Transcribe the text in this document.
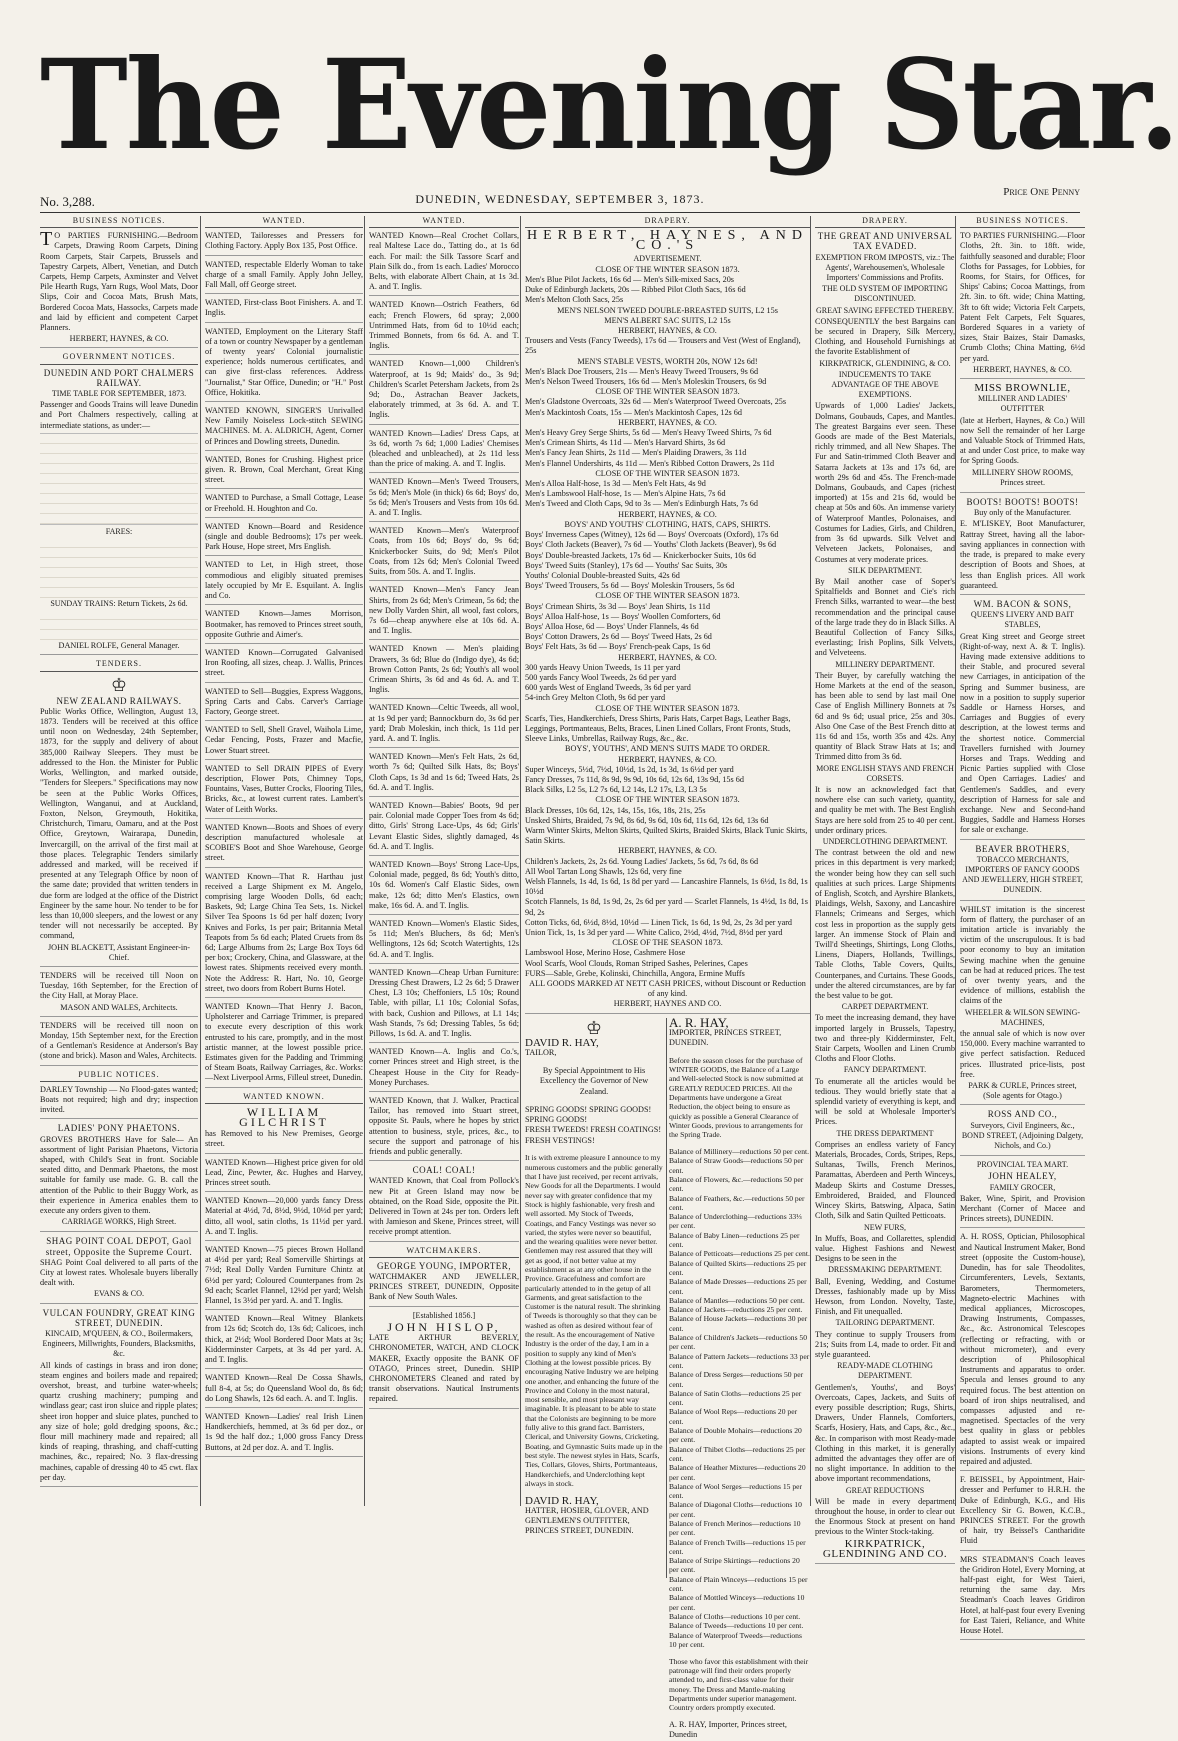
The Evening Star.
No. 3,288.	DUNEDIN, WEDNESDAY, SEPTEMBER 3, 1873.	Price One Penny
BUSINESS NOTICES.

TO PARTIES FURNISHING.—Bedroom Carpets, Drawing Room Carpets, Dining Room Carpets, Stair Carpets, Brussels and Tapestry Carpets, Albert, Venetian, and Dutch Carpets, Hemp Carpets, Axminster and Velvet Pile Hearth Rugs, Yarn Rugs, Wool Mats, Door Slips, Coir and Cocoa Mats, Brush Mats, Bordered Cocoa Mats, Hassocks, Carpets made and laid by efficient and competent Carpet Planners.

HERBERT, HAYNES, & CO.
GOVERNMENT NOTICES.
DUNEDIN AND PORT CHALMERS RAILWAY.
TIME TABLE FOR SEPTEMBER, 1873.

Passenger and Goods Trains will leave Dunedin and Port Chalmers respectively, calling at intermediate stations, as under:—

FARES:
SUNDAY TRAINS: Return Tickets, 2s 6d.
DANIEL ROLFE, General Manager.
TENDERS.
♔
NEW ZEALAND RAILWAYS.

Public Works Office, Wellington, August 13, 1873. Tenders will be received at this office until noon on Wednesday, 24th September, 1873, for the supply and delivery of about 385,000 Railway Sleepers. They must be addressed to the Hon. the Minister for Public Works, Wellington, and marked outside, "Tenders for Sleepers." Specifications may now be seen at the Public Works Offices, Wellington, Wanganui, and at Auckland, Foxton, Nelson, Greymouth, Hokitika, Christchurch, Timaru, Oamaru, and at the Post Office, Greytown, Wairarapa, Dunedin, Invercargill, on the arrival of the first mail at those places. Telegraphic Tenders similarly addressed and marked, will be received if presented at any Telegraph Office by noon of the same date; provided that written tenders in due form are lodged at the office of the District Engineer by the same hour. No tender to be for less than 10,000 sleepers, and the lowest or any tender will not necessarily be accepted. By command,

JOHN BLACKETT, Assistant Engineer-in-Chief.

TENDERS will be received till Noon on Tuesday, 16th September, for the Erection of the City Hall, at Moray Place.

MASON AND WALES, Architects.

TENDERS will be received till noon on Monday, 15th September next, for the Erection of a Gentleman's Residence at Anderson's Bay (stone and brick). Mason and Wales, Architects.

PUBLIC NOTICES.

DARLEY Township — No Flood-gates wanted; Boats not required; high and dry; inspection invited.

LADIES' PONY PHAETONS.

GROVES BROTHERS Have for Sale— An assortment of light Parisian Phaetons, Victoria shaped, with Child's Seat in front. Sociable seated ditto, and Denmark Phaetons, the most suitable for family use made. G. B. call the attention of the Public to their Buggy Work, as their experience in America enables them to execute any orders given to them.

CARRIAGE WORKS, High Street.
SHAG POINT COAL DEPOT, Gaol street, Opposite the Supreme Court.

SHAG Point Coal delivered to all parts of the City at lowest rates. Wholesale buyers liberally dealt with.

EVANS & CO.
VULCAN FOUNDRY, GREAT KING STREET, DUNEDIN.
KINCAID, M'QUEEN, & CO., Boilermakers, Engineers, Millwrights, Founders, Blacksmiths, &c.

All kinds of castings in brass and iron done; steam engines and boilers made and repaired; overshot, breast, and turbine water-wheels; quartz crushing machinery; pumping and windlass gear; cast iron sluice and ripple plates; sheet iron hopper and sluice plates, punched to any size of hole; gold dredging spoons, &c.; flour mill machinery made and repaired; all kinds of reaping, thrashing, and chaff-cutting machines, &c., repaired; No. 3 flax-dressing machines, capable of dressing 40 to 45 cwt. flax per day.

WANTED.

WANTED, Tailoresses and Pressers for Clothing Factory. Apply Box 135, Post Office.

WANTED, respectable Elderly Woman to take charge of a small Family. Apply John Jelley, Fall Mall, off George street.

WANTED, First-class Boot Finishers. A. and T. Inglis.

WANTED, Employment on the Literary Staff of a town or country Newspaper by a gentleman of twenty years' Colonial journalistic experience; holds numerous certificates, and can give first-class references. Address "Journalist," Star Office, Dunedin; or "H." Post Office, Hokitika.

WANTED KNOWN, SINGER'S Unrivalled New Family Noiseless Lock-stitch SEWING MACHINES. M. A. ALDRICH, Agent, Corner of Princes and Dowling streets, Dunedin.

WANTED, Bones for Crushing. Highest price given. R. Brown, Coal Merchant, Great King street.

WANTED to Purchase, a Small Cottage, Lease or Freehold. H. Houghton and Co.

WANTED Known—Board and Residence (single and double Bedrooms); 17s per week. Park House, Hope street, Mrs English.

WANTED to Let, in High street, those commodious and eligibly situated premises lately occupied by Mr E. Esquilant. A. Inglis and Co.

WANTED Known—James Morrison, Bootmaker, has removed to Princes street south, opposite Guthrie and Aimer's.

WANTED Known—Corrugated Galvanised Iron Roofing, all sizes, cheap. J. Wallis, Princes street.

WANTED to Sell—Buggies, Express Waggons, Spring Carts and Cabs. Carver's Carriage Factory, George street.

WANTED to Sell, Shell Gravel, Waihola Lime, Cedar Fencing, Posts, Frazer and Macfie, Lower Stuart street.

WANTED to Sell DRAIN PIPES of Every description, Flower Pots, Chimney Tops, Fountains, Vases, Butter Crocks, Flooring Tiles, Bricks, &c., at lowest current rates. Lambert's Water of Leith Works.

WANTED Known—Boots and Shoes of every description manufactured wholesale at SCOBIE'S Boot and Shoe Warehouse, George street.

WANTED Known—That R. Harthau just received a Large Shipment ex M. Angelo, comprising large Wooden Dolls, 6d each; Baskets, 9d; Large China Tea Sets, 1s. Nickel Silver Tea Spoons 1s 6d per half dozen; Ivory Knives and Forks, 1s per pair; Britannia Metal Teapots from 5s 6d each; Plated Cruets from 8s 6d; Large Albums from 2s; Large Box Toys 6d per box; Crockery, China, and Glassware, at the lowest rates. Shipments received every month. Note the Address: R. Hart, No. 10, George street, two doors from Robert Burns Hotel.

WANTED Known—That Henry J. Bacon, Upholsterer and Carriage Trimmer, is prepared to execute every description of this work entrusted to his care, promptly, and in the most artistic manner, at the lowest possible price. Estimates given for the Padding and Trimming of Steam Boats, Railway Carriages, &c. Works:—Next Liverpool Arms, Filleul street, Dunedin.

WANTED KNOWN.
WILLIAM GILCHRIST

has Removed to his New Premises, George street.

WANTED Known—Highest price given for old Lead, Zinc, Pewter, &c. Hughes and Harvey, Princes street south.

WANTED Known—20,000 yards fancy Dress Material at 4½d, 7d, 8½d, 9½d, 10½d per yard; ditto, all wool, satin cloths, 1s 11½d per yard. A. and T. Inglis.

WANTED Known—75 pieces Brown Holland at 4½d per yard; Real Somerville Shirtings at 7½d; Real Dolly Varden Furniture Chintz at 6½d per yard; Coloured Counterpanes from 2s 9d each; Scarlet Flannel, 12½d per yard; Welsh Flannel, 1s 3½d per yard. A. and T. Inglis.

WANTED Known—Real Witney Blankets from 12s 6d; Scotch do, 13s 6d; Calicoes, inch thick, at 2½d; Wool Bordered Door Mats at 3s; Kidderminster Carpets, at 3s 4d per yard. A. and T. Inglis.

WANTED Known—Real De Cossa Shawls, full 8-4, at 5s; do Queensland Wool do, 8s 6d; do Long Shawls, 12s 6d each. A. and T. Inglis.

WANTED Known—Ladies' real Irish Linen Handkerchiefs, hemmed, at 3s 6d per doz., or 1s 9d the half doz.; 1,000 gross Fancy Dress Buttons, at 2d per doz. A. and T. Inglis.

WANTED.

WANTED Known—Real Crochet Collars, real Maltese Lace do., Tatting do., at 1s 6d each. For mail: the Silk Tassore Scarf and Plain Silk do., from 1s each. Ladies' Morocco Belts, with elaborate Albert Chain, at 1s 3d. A. and T. Inglis.

WANTED Known—Ostrich Feathers, 6d each; French Flowers, 6d spray; 2,000 Untrimmed Hats, from 6d to 10½d each; Trimmed Bonnets, from 6s 6d. A. and T. Inglis.

WANTED Known—1,000 Children's Waterproof, at 1s 9d; Maids' do., 3s 9d; Children's Scarlet Petersham Jackets, from 2s 9d; Do., Astrachan Beaver Jackets, elaborately trimmed, at 3s 6d. A. and T. Inglis.

WANTED Known—Ladies' Dress Caps, at 3s 6d, worth 7s 6d; 1,000 Ladies' Chemises (bleached and unbleached), at 2s 11d less than the price of making. A. and T. Inglis.

WANTED Known—Men's Tweed Trousers, 5s 6d; Men's Mole (in thick) 6s 6d; Boys' do, 5s 6d; Men's Trousers and Vests from 10s 6d. A. and T. Inglis.

WANTED Known—Men's Waterproof Coats, from 10s 6d; Boys' do, 9s 6d; Knickerbocker Suits, do 9d; Men's Pilot Coats, from 12s 6d; Men's Colonial Tweed Suits, from 50s. A. and T. Inglis.

WANTED Known—Men's Fancy Jean Shirts, from 2s 6d; Men's Crimean, 5s 6d; the new Dolly Varden Shirt, all wool, fast colors, 7s 6d—cheap anywhere else at 10s 6d. A. and T. Inglis.

WANTED Known — Men's plaiding Drawers, 3s 6d; Blue do (Indigo dye), 4s 6d; Brown Cotton Pants, 2s 6d; Youth's all wool Crimean Shirts, 3s 6d and 4s 6d. A. and T. Inglis.

WANTED Known—Celtic Tweeds, all wool, at 1s 9d per yard; Bannockburn do, 3s 6d per yard; Drab Moleskin, inch thick, 1s 11d per yard. A. and T. Inglis.

WANTED Known—Men's Felt Hats, 2s 6d, worth 7s 6d; Quilted Silk Hats, 8s; Boys' Cloth Caps, 1s 3d and 1s 6d; Tweed Hats, 2s 6d. A. and T. Inglis.

WANTED Known—Babies' Boots, 9d per pair. Colonial made Copper Toes from 4s 6d; ditto, Girls' Strong Lace-Ups, 4s 6d; Girls' Levant Elastic Sides, slightly damaged, 4s 6d. A. and T. Inglis.

WANTED Known—Boys' Strong Lace-Ups, Colonial made, pegged, 8s 6d; Youth's ditto, 10s 6d. Women's Calf Elastic Sides, own make, 12s 6d; ditto Men's Elastics, own make, 16s 6d. A. and T. Inglis.

WANTED Known—Women's Elastic Sides, 5s 11d; Men's Bluchers, 8s 6d; Men's Wellingtons, 12s 6d; Scotch Watertights, 12s 6d. A. and T. Inglis.

WANTED Known—Cheap Urban Furniture: Dressing Chest Drawers, L2 2s 6d; 5 Drawer Chest, L3 10s; Cheffoniers, L5 10s; Round Table, with pillar, L1 10s; Colonial Sofas, with back, Cushion and Pillows, at L1 14s; Wash Stands, 7s 6d; Dressing Tables, 5s 6d; Pillows, 1s 6d. A. and T. Inglis.

WANTED Known—A. Inglis and Co.'s, corner Princes street and High street, is the Cheapest House in the City for Ready-Money Purchases.

WANTED Known, that J. Walker, Practical Tailor, has removed into Stuart street, opposite St. Pauls, where he hopes by strict attention to business, style, prices, &c., to secure the support and patronage of his friends and public generally.

COAL! COAL!

WANTED Known, that Coal from Pollock's new Pit at Green Island may now be obtained, on the Road Side, opposite the Pit. Delivered in Town at 24s per ton. Orders left with Jamieson and Skene, Princes street, will receive prompt attention.

WATCHMAKERS.
GEORGE YOUNG, IMPORTER,

WATCHMAKER AND JEWELLER, PRINCES STREET, DUNEDIN, Opposite Bank of New South Wales.

[Established 1856.]
JOHN HISLOP,

LATE ARTHUR BEVERLY, CHRONOMETER, WATCH, AND CLOCK MAKER, Exactly opposite the BANK OF OTAGO, Princes street, Dunedin. SHIP CHRONOMETERS Cleaned and rated by transit observations. Nautical Instruments repaired.

DRAPERY.
HERBERT, HAYNES, AND CO.'S
ADVERTISEMENT.
CLOSE OF THE WINTER SEASON 1873.
Men's Blue Pilot Jackets, 16s 6d — Men's Silk-mixed Sacs, 20s
Duke of Edinburgh Jackets, 20s — Ribbed Pilot Cloth Sacs, 16s 6d
Men's Melton Cloth Sacs, 25s
MEN'S NELSON TWEED DOUBLE-BREASTED SUITS, L2 15s
MEN'S ALBERT SAC SUITS, L2 15s
HERBERT, HAYNES, & CO.
Trousers and Vests (Fancy Tweeds), 17s 6d — Trousers and Vest (West of England), 25s
MEN'S STABLE VESTS, WORTH 20s, NOW 12s 6d!
Men's Black Doe Trousers, 21s — Men's Heavy Tweed Trousers, 9s 6d
Men's Nelson Tweed Trousers, 16s 6d — Men's Moleskin Trousers, 6s 9d
CLOSE OF THE WINTER SEASON 1873.
Men's Gladstone Overcoats, 32s 6d — Men's Waterproof Tweed Overcoats, 25s
Men's Mackintosh Coats, 15s — Men's Mackintosh Capes, 12s 6d
HERBERT, HAYNES, & CO.
Men's Heavy Grey Serge Shirts, 5s 6d — Men's Heavy Tweed Shirts, 7s 6d
Men's Crimean Shirts, 4s 11d — Men's Harvard Shirts, 3s 6d
Men's Fancy Jean Shirts, 2s 11d — Men's Plaiding Drawers, 3s 11d
Men's Flannel Undershirts, 4s 11d — Men's Ribbed Cotton Drawers, 2s 11d
CLOSE OF THE WINTER SEASON 1873.
Men's Alloa Half-hose, 1s 3d — Men's Felt Hats, 4s 9d
Men's Lambswool Half-hose, 1s — Men's Alpine Hats, 7s 6d
Men's Tweed and Cloth Caps, 9d to 3s — Men's Edinburgh Hats, 7s 6d
HERBERT, HAYNES, & CO.
BOYS' AND YOUTHS' CLOTHING, HATS, CAPS, SHIRTS.
Boys' Inverness Capes (Witney), 12s 6d — Boys' Overcoats (Oxford), 17s 6d
Boys' Cloth Jackets (Beaver), 7s 6d — Youths' Cloth Jackets (Beaver), 9s 6d
Boys' Double-breasted Jackets, 17s 6d — Knickerbocker Suits, 10s 6d
Boys' Tweed Suits (Stanley), 17s 6d — Youths' Sac Suits, 30s
Youths' Colonial Double-breasted Suits, 42s 6d
Boys' Tweed Trousers, 5s 6d — Boys' Moleskin Trousers, 5s 6d
CLOSE OF THE WINTER SEASON 1873.
Boys' Crimean Shirts, 3s 3d — Boys' Jean Shirts, 1s 11d
Boys' Alloa Half-hose, 1s — Boys' Woollen Comforters, 6d
Boys' Alloa Hose, 6d — Boys' Under Flannels, 4s 6d
Boys' Cotton Drawers, 2s 6d — Boys' Tweed Hats, 2s 6d
Boys' Felt Hats, 3s 6d — Boys' French-peak Caps, 1s 6d
HERBERT, HAYNES, & CO.
300 yards Heavy Union Tweeds, 1s 11 per yard
500 yards Fancy Wool Tweeds, 2s 6d per yard
600 yards West of England Tweeds, 3s 6d per yard
54-inch Grey Melton Cloth, 9s 6d per yard
CLOSE OF THE WINTER SEASON 1873.
Scarfs, Ties, Handkerchiefs, Dress Shirts, Paris Hats, Carpet Bags, Leather Bags, Leggings, Portmanteaus, Belts, Braces, Linen Lined Collars, Front Fronts, Studs, Sleeve Links, Umbrellas, Railway Rugs, &c., &c.
BOYS', YOUTHS', AND MEN'S SUITS MADE TO ORDER.
HERBERT, HAYNES, & CO.
Super Winceys, 5½d, 7½d, 10½d, 1s 2d, 1s 3d, 1s 6½d per yard
Fancy Dresses, 7s 11d, 8s 9d, 9s 9d, 10s 6d, 12s 6d, 13s 9d, 15s 6d
Black Silks, L2 5s, L2 7s 6d, L2 14s, L2 17s, L3, L3 5s
CLOSE OF THE WINTER SEASON 1873.
Black Dresses, 10s 6d, 12s, 14s, 15s, 16s, 18s, 21s, 25s
Unsked Shirts, Braided, 7s 9d, 8s 6d, 9s 6d, 10s 6d, 11s 6d, 12s 6d, 13s 6d
Warm Winter Skirts, Melton Skirts, Quilted Skirts, Braided Skirts, Black Tunic Skirts, Satin Skirts.
HERBERT, HAYNES, & CO.
Children's Jackets, 2s, 2s 6d. Young Ladies' Jackets, 5s 6d, 7s 6d, 8s 6d
All Wool Tartan Long Shawls, 12s 6d, very fine
Welsh Flannels, 1s 4d, 1s 6d, 1s 8d per yard — Lancashire Flannels, 1s 6½d, 1s 8d, 1s 10½d
Scotch Flannels, 1s 8d, 1s 9d, 2s, 2s 6d per yard — Scarlet Flannels, 1s 4½d, 1s 8d, 1s 9d, 2s
Cotton Ticks, 6d, 6½d, 8½d, 10½d — Linen Tick, 1s 6d, 1s 9d, 2s, 2s 3d per yard
Union Tick, 1s, 1s 3d per yard — White Calico, 2½d, 4½d, 7½d, 8½d per yard
CLOSE OF THE SEASON 1873.
Lambswool Hose, Merino Hose, Cashmere Hose
Wool Scarfs, Wool Clouds, Roman Striped Sashes, Pelerines, Capes
FURS—Sable, Grebe, Kolinski, Chinchilla, Angora, Ermine Muffs
ALL GOODS MARKED AT NETT CASH PRICES, without Discount or Reduction of any kind.
HERBERT, HAYNES AND CO.
♔
DAVID R. HAY,
TAILOR,

By Special Appointment to His Excellency the Governor of New Zealand.

SPRING GOODS! SPRING GOODS! SPRING GOODS!
FRESH TWEEDS! FRESH COATINGS! FRESH VESTINGS!

It is with extreme pleasure I announce to my numerous customers and the public generally that I have just received, per recent arrivals, New Goods for all the Departments. I would never say with greater confidence that my Stock is highly fashionable, very fresh and well assorted. My Stock of Tweeds, Coatings, and Fancy Vestings was never so varied, the styles were never so beautiful, and the wearing qualities were never better. Gentlemen may rest assured that they will get as good, if not better value at my establishment as at any other house in the Province. Gracefulness and comfort are particularly attended to in the getup of all Garments, and great satisfaction to the Customer is the natural result. The shrinking of Tweeds is thoroughly so that they can be washed as often as desired without fear of the result. As the encouragement of Native Industry is the order of the day, I am in a position to supply any kind of Men's Clothing at the lowest possible prices. By encouraging Native Industry we are helping one another, and enhancing the future of the Province and Colony in the most natural, most sensible, and most pleasant way imaginable. It is pleasant to be able to state that the Colonists are beginning to be more fully alive to this grand fact. Barristers, Clerical, and University Gowns, Cricketing, Boating, and Gymnastic Suits made up in the best style. The newest styles in Hats, Scarfs, Ties, Collars, Gloves, Shirts, Portmanteaus, Handkerchiefs, and Underclothing kept always in stock.

DAVID R. HAY,
HATTER, HOSIER, GLOVER, AND GENTLEMEN'S OUTFITTER, PRINCES STREET, DUNEDIN.
A. R. HAY,
IMPORTER, PRINCES STREET, DUNEDIN.

Before the season closes for the purchase of WINTER GOODS, the Balance of a Large and Well-selected Stock is now submitted at GREATLY REDUCED PRICES. All the Departments have undergone a Great Reduction, the object being to ensure as quickly as possible a General Clearance of Winter Goods, previous to arrangements for the Spring Trade.

Balance of Millinery—reductions 50 per cent.
Balance of Straw Goods—reductions 50 per cent.
Balance of Flowers, &c.—reductions 50 per cent.
Balance of Feathers, &c.—reductions 50 per cent.
Balance of Underclothing—reductions 33⅓ per cent.
Balance of Baby Linen—reductions 25 per cent.
Balance of Petticoats—reductions 25 per cent.
Balance of Quilted Skirts—reductions 25 per cent.
Balance of Made Dresses—reductions 25 per cent.
Balance of Mantles—reductions 50 per cent.
Balance of Jackets—reductions 25 per cent.
Balance of House Jackets—reductions 30 per cent.
Balance of Children's Jackets—reductions 50 per cent.
Balance of Pattern Jackets—reductions 33 per cent.
Balance of Dress Serges—reductions 50 per cent.
Balance of Satin Cloths—reductions 25 per cent.
Balance of Wool Reps—reductions 20 per cent.
Balance of Double Mohairs—reductions 20 per cent.
Balance of Thibet Cloths—reductions 25 per cent.
Balance of Heather Mixtures—reductions 20 per cent.
Balance of Wool Serges—reductions 15 per cent.
Balance of Diagonal Cloths—reductions 10 per cent.
Balance of French Merinos—reductions 10 per cent.
Balance of French Twills—reductions 15 per cent.
Balance of Stripe Skirtings—reductions 20 per cent.
Balance of Plain Winceys—reductions 15 per cent.
Balance of Mottled Winceys—reductions 10 per cent.
Balance of Cloths—reductions 10 per cent.
Balance of Tweeds—reductions 10 per cent.
Balance of Waterproof Tweeds—reductions 10 per cent.

Those who favor this establishment with their patronage will find their orders properly attended to, and first-class value for their money. The Dress and Mantle-making Departments under superior management. Country orders promptly executed.

A. R. HAY, Importer, Princes street, Dunedin
DRAPERY.
THE GREAT AND UNIVERSAL TAX EVADED.
EXEMPTION FROM IMPOSTS, viz.: The Agents', Warehousemen's, Wholesale Importers' Commissions and Profits.
THE OLD SYSTEM OF IMPORTING DISCONTINUED.
GREAT SAVING EFFECTED THEREBY.

CONSEQUENTLY the best Bargains can be secured in Drapery, Silk Mercery, Clothing, and Household Furnishings at the favorite Establishment of

KIRKPATRICK, GLENDINING, & CO.
INDUCEMENTS TO TAKE ADVANTAGE OF THE ABOVE EXEMPTIONS.

Upwards of 1,000 Ladies' Jackets, Dolmans, Goubauds, Capes, and Mantles. The greatest Bargains ever seen. These Goods are made of the Best Materials, richly trimmed, and all New Shapes. The Fur and Satin-trimmed Cloth Beaver and Satarra Jackets at 13s and 17s 6d, are worth 29s 6d and 45s. The French-made Dolmans, Goubauds, and Capes (richest imported) at 15s and 21s 6d, would be cheap at 50s and 60s. An immense variety of Waterproof Mantles, Polonaises, and Costumes for Ladies, Girls, and Children, from 3s 6d upwards. Silk Velvet and Velveteen Jackets, Polonaises, and Costumes at very moderate prices.

SILK DEPARTMENT.

By Mail another case of Soper's Spitalfields and Bonnet and Cie's rich French Silks, warranted to wear—the best recommendation and the principal cause of the large trade they do in Black Silks. A Beautiful Collection of Fancy Silks, everlasting; Irish Poplins, Silk Velvets, and Velveteens.

MILLINERY DEPARTMENT.

Their Buyer, by carefully watching the Home Markets at the end of the season, has been able to send by last mail One Case of English Millinery Bonnets at 7s 6d and 9s 6d; usual price, 25s and 30s. Also One Case of the Best French ditto at 11s 6d and 15s, worth 35s and 42s. Any quantity of Black Straw Hats at 1s; and Trimmed ditto from 3s 6d.

MORE ENGLISH STAYS AND FRENCH CORSETS.

It is now an acknowledged fact that nowhere else can such variety, quantity, and quality be met with. The Best English Stays are here sold from 25 to 40 per cent. under ordinary prices.

UNDERCLOTHING DEPARTMENT.

The contrast between the old and new prices in this department is very marked; the wonder being how they can sell such qualities at such prices. Large Shipments of English, Scotch, and Ayrshire Blankets, Plaidings, Welsh, Saxony, and Lancashire Flannels; Crimeans and Serges, which cost less in proportion as the supply gets larger. An immense Stock of Plain and Twill'd Sheetings, Shirtings, Long Cloths, Linens, Diapers, Hollands, Twillings, Table Cloths, Table Covers, Quilts, Counterpanes, and Curtains. These Goods, under the altered circumstances, are by far the best value to be got.

CARPET DEPARTMENT.

To meet the increasing demand, they have imported largely in Brussels, Tapestry, two and three-ply Kidderminster, Felt, Stair Carpets, Woollen and Linen Crumb Cloths and Floor Cloths.

FANCY DEPARTMENT.

To enumerate all the articles would be tedious. They would briefly state that a splendid variety of everything is kept, and will be sold at Wholesale Importer's Prices.

THE DRESS DEPARTMENT

Comprises an endless variety of Fancy Materials, Brocades, Cords, Stripes, Reps, Sultanas, Twills, French Merinos, Paramattas, Aberdeen and Perth Winceys, Madeup Skirts and Costume Dresses, Embroidered, Braided, and Flounced Wincey Skirts, Batswing, Alpaca, Satin Cloth, Silk and Satin Quilted Petticoats.

NEW FURS,

In Muffs, Boas, and Collarettes, splendid value. Highest Fashions and Newest Designs to be seen in the

DRESSMAKING DEPARTMENT.

Ball, Evening, Wedding, and Costume Dresses, fashionably made up by Miss Hewson, from London. Novelty, Taste, Finish, and Fit unequalled.

TAILORING DEPARTMENT.

They continue to supply Trousers from 21s; Suits from L4, made to order. Fit and style guaranteed.

READY-MADE CLOTHING DEPARTMENT.

Gentlemen's, Youths', and Boys' Overcoats, Capes, Jackets, and Suits of every possible description; Rugs, Shirts, Drawers, Under Flannels, Comforters, Scarfs, Hosiery, Hats, and Caps, &c., &c., &c. In comparison with most Ready-made Clothing in this market, it is generally admitted the advantages they offer are of no slight importance. In addition to the above important recommendations,

GREAT REDUCTIONS

Will be made in every department throughout the house, in order to clear out the Enormous Stock at present on hand previous to the Winter Stock-taking.

KIRKPATRICK, GLENDINING AND CO.
BUSINESS NOTICES.

TO PARTIES FURNISHING.—Floor Cloths, 2ft. 3in. to 18ft. wide, faithfully seasoned and durable; Floor Cloths for Passages, for Lobbies, for Rooms, for Stairs, for Offices, for Ships' Cabins; Cocoa Mattings, from 2ft. 3in. to 6ft. wide; China Matting, 3ft to 6ft wide; Victoria Felt Carpets, Patent Felt Carpets, Felt Squares, Bordered Squares in a variety of sizes, Stair Baizes, Stair Damasks, Crumb Cloths; China Matting, 6½d per yard.

HERBERT, HAYNES, & CO.
MISS BROWNLIE,
MILLINER AND LADIES' OUTFITTER

(late at Herbert, Haynes, & Co.) Will now Sell the remainder of her Large and Valuable Stock of Trimmed Hats, at and under Cost price, to make way for Spring Goods.

MILLINERY SHOW ROOMS, Princes street.
BOOTS! BOOTS! BOOTS!
Buy only of the Manufacturer.

E. M'LISKEY, Boot Manufacturer, Rattray Street, having all the labor-saving appliances in connection with the trade, is prepared to make every description of Boots and Shoes, at less than English prices. All work guaranteed.

WM. BACON & SONS,
QUEEN'S LIVERY AND BAIT STABLES,

Great King street and George street (Right-of-way, next A. & T. Inglis). Having made extensive additions to their Stable, and procured several new Carriages, in anticipation of the Spring and Summer business, are now in a position to supply superior Saddle or Harness Horses, and Carriages and Buggies of every description, at the lowest terms and the shortest notice. Commercial Travellers furnished with Journey Horses and Traps. Wedding and Picnic Parties supplied with Close and Open Carriages. Ladies' and Gentlemen's Saddles, and every description of Harness for sale and exchange. New and Second-hand Buggies, Saddle and Harness Horses for sale or exchange.

BEAVER BROTHERS,
TOBACCO MERCHANTS, IMPORTERS OF FANCY GOODS AND JEWELLERY, HIGH STREET, DUNEDIN.

WHILST imitation is the sincerest form of flattery, the purchaser of an imitation article is invariably the victim of the unscrupulous. It is bad poor economy to buy an imitation Sewing machine when the genuine can be had at reduced prices. The test of over twenty years, and the evidence of millions, establish the claims of the

WHEELER & WILSON SEWING-MACHINES,

the annual sale of which is now over 150,000. Every machine warranted to give perfect satisfaction. Reduced prices. Illustrated price-lists, post free.

PARK & CURLE, Princes street, (Sole agents for Otago.)
ROSS AND CO.,
Surveyors, Civil Engineers, &c., BOND STREET, (Adjoining Dalgety, Nichols, and Co.)
PROVINCIAL TEA MART.
JOHN HEALEY,
FAMILY GROCER,

Baker, Wine, Spirit, and Provision Merchant (Corner of Macee and Princes streets), DUNEDIN.

A. H. ROSS, Optician, Philosophical and Nautical Instrument Maker, Bond street (opposite the Custom-house), Dunedin, has for sale Theodolites, Circumferenters, Levels, Sextants, Barometers, Thermometers, Magneto-electric Machines with medical appliances, Microscopes, Drawing Instruments, Compasses, &c., &c. Astronomical Telescopes (reflecting or refracting, with or without micrometer), and every description of Philosophical Instruments and apparatus to order. Specula and lenses ground to any required focus. The best attention on board of iron ships neutralised, and compasses adjusted and re-magnetised. Spectacles of the very best quality in glass or pebbles adapted to assist weak or impaired visions. Instruments of every kind repaired and adjusted.

F. BEISSEL, by Appointment, Hair-dresser and Perfumer to H.R.H. the Duke of Edinburgh, K.G., and His Excellency Sir G. Bowen, K.C.B., PRINCES STREET. For the growth of hair, try Beissel's Cantharidite Fluid

MRS STEADMAN'S Coach leaves the Gridiron Hotel, Every Morning, at half-past eight, for West Taieri, returning the same day. Mrs Steadman's Coach leaves Gridiron Hotel, at half-past four every Evening for East Taieri, Reliance, and White House Hotel.
